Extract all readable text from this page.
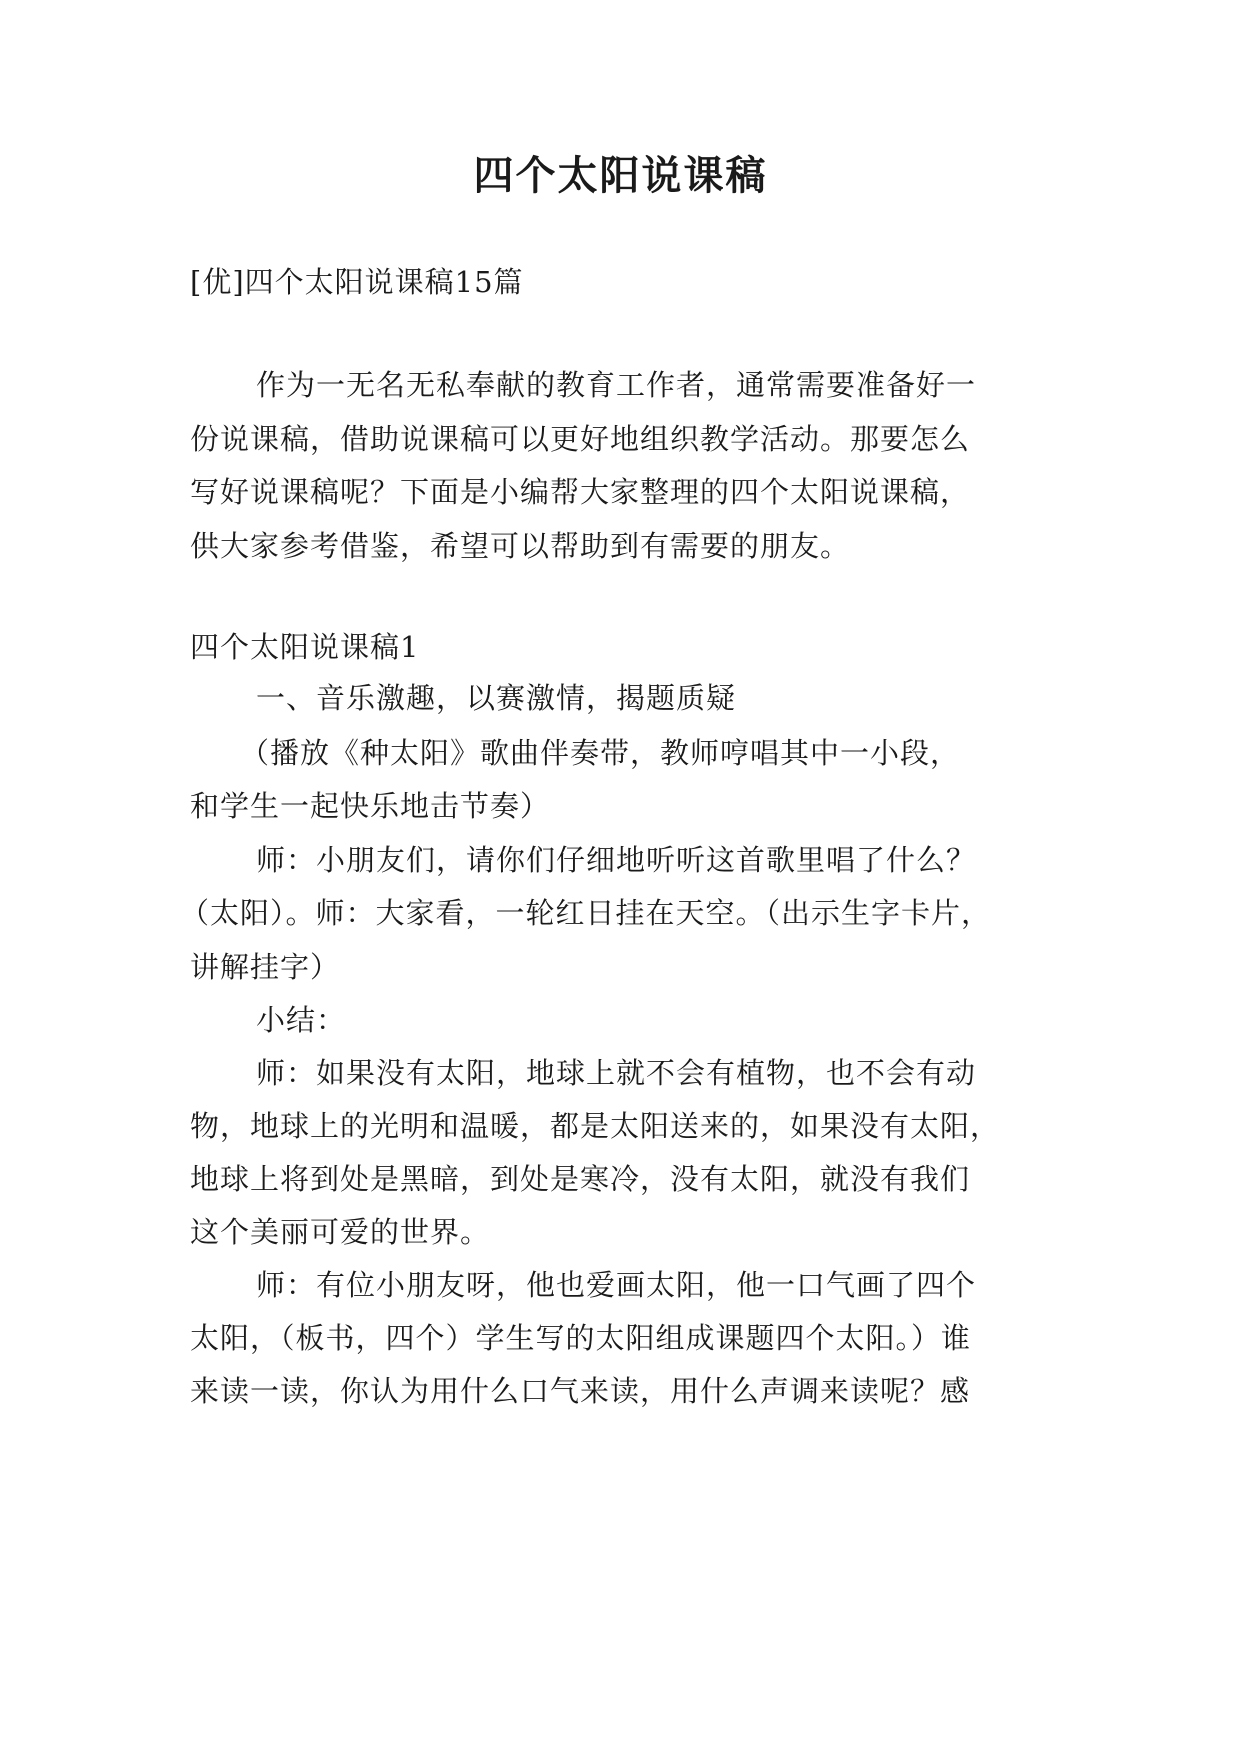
四个太阳说课稿
[优]四个太阳说课稿15篇
作为一无名无私奉献的教育工作者，通常需要准备好一
份说课稿，借助说课稿可以更好地组织教学活动。那要怎么
写好说课稿呢？下面是小编帮大家整理的四个太阳说课稿，
供大家参考借鉴，希望可以帮助到有需要的朋友。
四个太阳说课稿1
一、音乐激趣，以赛激情，揭题质疑
（播放《种太阳》歌曲伴奏带，教师哼唱其中一小段，
和学生一起快乐地击节奏）
师：小朋友们，请你们仔细地听听这首歌里唱了什么？
（太阳）。师：大家看，一轮红日挂在天空。（出示生字卡片，
讲解挂字）
小结：
师：如果没有太阳，地球上就不会有植物，也不会有动
物，地球上的光明和温暖，都是太阳送来的，如果没有太阳，
地球上将到处是黑暗，到处是寒冷，没有太阳，就没有我们
这个美丽可爱的世界。
师：有位小朋友呀，他也爱画太阳，他一口气画了四个
太阳，（板书，四个）学生写的太阳组成课题四个太阳。）谁
来读一读，你认为用什么口气来读，用什么声调来读呢？感
